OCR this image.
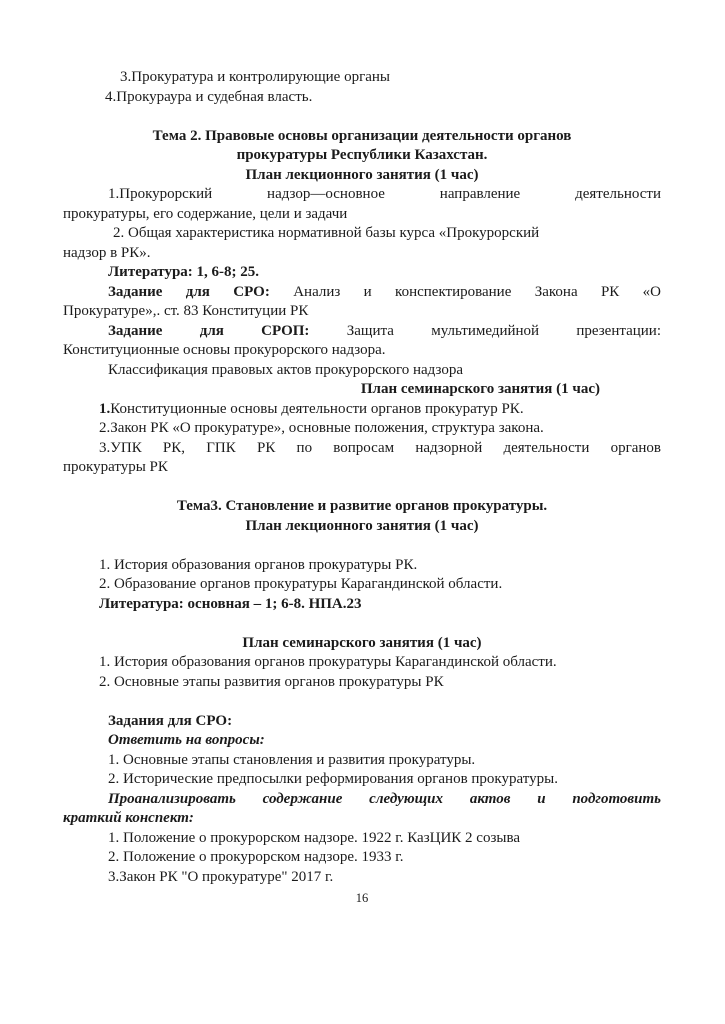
3.Прокуратура и контролирующие органы
4.Прокураура и судебная власть.
Тема 2. Правовые основы организации деятельности органов
прокуратуры Республики Казахстан.
План лекционного занятия (1 час)
1.Прокурорский надзор—основное направление деятельности
прокуратуры, его содержание, цели и задачи
2. Общая характеристика нормативной базы курса «Прокурорский
надзор в РК».
Литература: 1, 6-8; 25.
Задание для СРО: Анализ и конспектирование Закона РК «О
Прокуратуре»,. ст. 83 Конституции РК
Задание для СРОП: Защита мультимедийной презентации:
Конституционные основы прокурорского надзора.
Классификация правовых актов прокурорского надзора
План семинарского занятия (1 час)
1.Конституционные основы деятельности органов прокуратур РК.
2.Закон РК «О прокуратуре», основные положения, структура закона.
3.УПК РК, ГПК РК по вопросам надзорной деятельности органов
прокуратуры РК
Тема3. Становление и развитие органов прокуратуры.
План лекционного занятия (1 час)
1. История образования органов прокуратуры РК.
2. Образование органов прокуратуры Карагандинской области.
Литература: основная – 1; 6-8. НПА.23
План семинарского занятия (1 час)
1. История образования органов прокуратуры Карагандинской области.
2. Основные этапы развития органов прокуратуры РК
Задания для СРО:
Ответить на вопросы:
1. Основные этапы становления и развития прокуратуры.
2. Исторические предпосылки реформирования органов прокуратуры.
Проанализировать содержание следующих актов и подготовить
краткий конспект:
1. Положение о прокурорском надзоре. 1922 г. КазЦИК 2 созыва
2. Положение о прокурорском надзоре. 1933 г.
3.Закон РК "О прокуратуре" 2017 г.
16
